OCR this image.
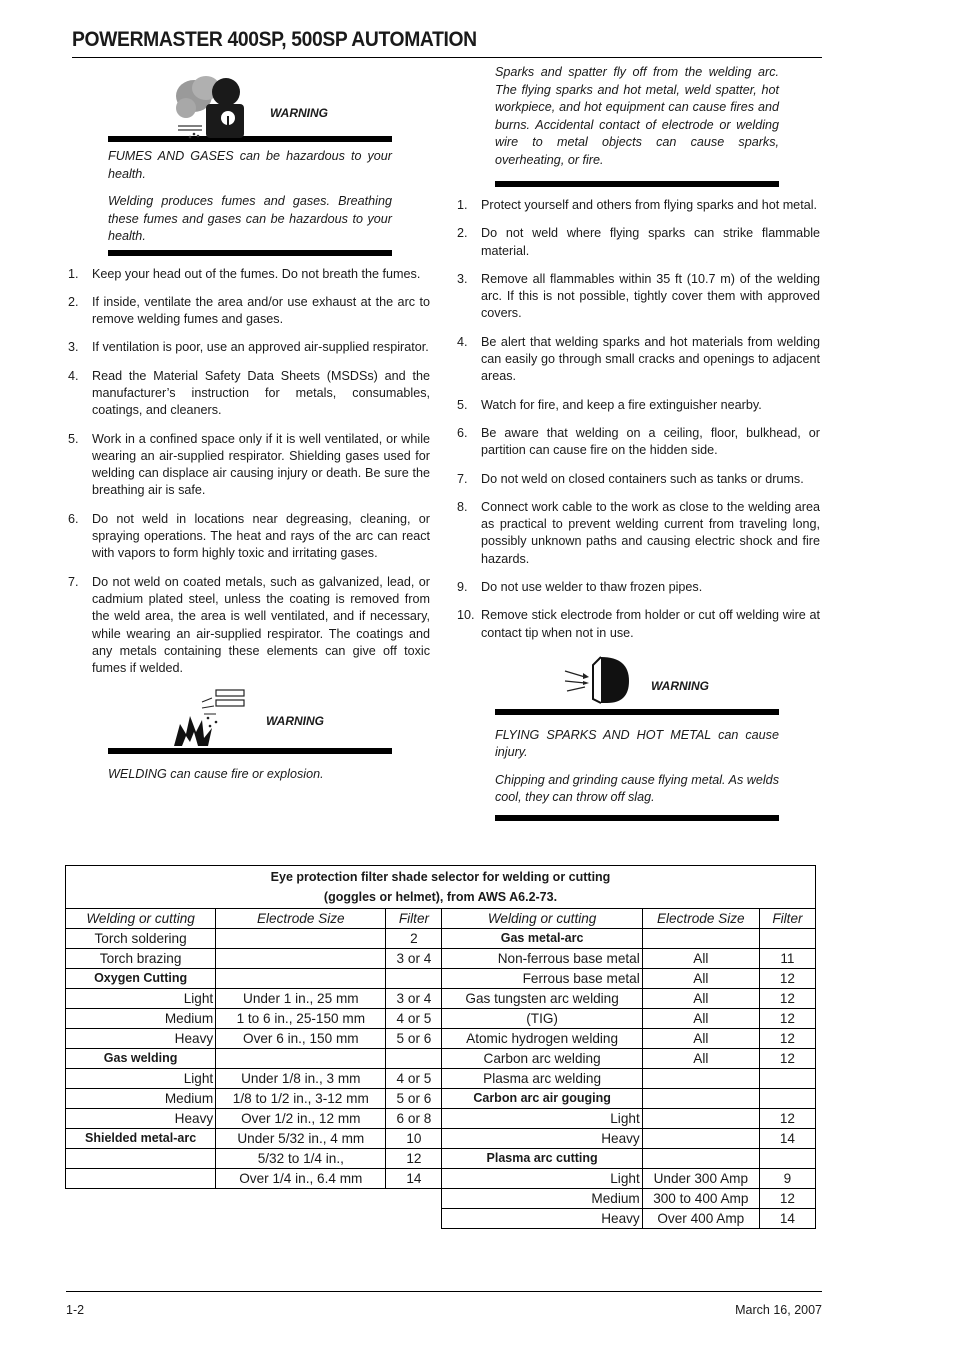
POWERMASTER 400SP, 500SP AUTOMATION
WARNING

FUMES AND GASES can be hazardous to your health.

Welding produces fumes and gases. Breathing these fumes and gases can be hazardous to your health.

1. Keep your head out of the fumes. Do not breath the fumes.
2. If inside, ventilate the area and/or use exhaust at the arc to remove welding fumes and gases.
3. If ventilation is poor, use an approved air-supplied respirator.
4. Read the Material Safety Data Sheets (MSDSs) and the manufacturer’s instruction for metals, consumables, coatings, and cleaners.
5. Work in a confined space only if it is well ventilated, or while wearing an air-supplied respirator. Shielding gases used for welding can displace air causing injury or death. Be sure the breathing air is safe.
6. Do not weld in locations near degreasing, cleaning, or spraying operations. The heat and rays of the arc can react with vapors to form highly toxic and irritating gases.
7. Do not weld on coated metals, such as galvanized, lead, or cadmium plated steel, unless the coating is removed from the weld area, the area is well ventilated, and if necessary, while wearing an air-supplied respirator. The coatings and any metals containing these elements can give off toxic fumes if welded.
WARNING

WELDING can cause fire or explosion.

Sparks and spatter fly off from the welding arc. The flying sparks and hot metal, weld spatter, hot workpiece, and hot equipment can cause fires and burns. Accidental contact of electrode or welding wire to metal objects can cause sparks, overheating, or fire.

1. Protect yourself and others from flying sparks and hot metal.
2. Do not weld where flying sparks can strike flammable material.
3. Remove all flammables within 35 ft (10.7 m) of the welding arc. If this is not possible, tightly cover them with approved covers.
4. Be alert that welding sparks and hot materials from welding can easily go through small cracks and openings to adjacent areas.
5. Watch for fire, and keep a fire extinguisher nearby.
6. Be aware that welding on a ceiling, floor, bulkhead, or partition can cause fire on the hidden side.
7. Do not weld on closed containers such as tanks or drums.
8. Connect work cable to the work as close to the welding area as practical to prevent welding current from traveling long, possibly unknown paths and causing electric shock and fire hazards.
9. Do not use welder to thaw frozen pipes.
10. Remove stick electrode from holder or cut off welding wire at contact tip when not in use.
WARNING

FLYING SPARKS AND HOT METAL can cause injury.

Chipping and grinding cause flying metal. As welds cool, they can throw off slag.

Eye protection filter shade selector for welding or cutting
(goggles or helmet), from AWS A6.2-73.					
Welding or cutting	Electrode Size	Filter	Welding or cutting	Electrode Size	Filter
Torch soldering		2	Gas metal-arc		
Torch brazing		3 or 4	Non-ferrous base metal	All	11
Oxygen Cutting			Ferrous base metal	All	12
Light	Under 1 in., 25 mm	3 or 4	Gas tungsten arc welding	All	12
Medium	1 to 6 in., 25-150 mm	4 or 5	(TIG)	All	12
Heavy	Over 6 in., 150 mm	5 or 6	Atomic hydrogen welding	All	12
Gas welding			Carbon arc welding	All	12
Light	Under 1/8 in., 3 mm	4 or 5	Plasma arc welding		
Medium	1/8 to 1/2 in., 3-12 mm	5 or 6	Carbon arc air gouging		
Heavy	Over 1/2 in., 12 mm	6 or 8	Light		12
Shielded metal-arc	Under 5/32 in., 4 mm	10	Heavy		14
	5/32 to 1/4 in.,	12	Plasma arc cutting		
	Over 1/4 in., 6.4 mm	14	Light	Under 300 Amp	9
			Medium	300 to 400 Amp	12
			Heavy	Over 400 Amp	14
1-2	March 16, 2007
